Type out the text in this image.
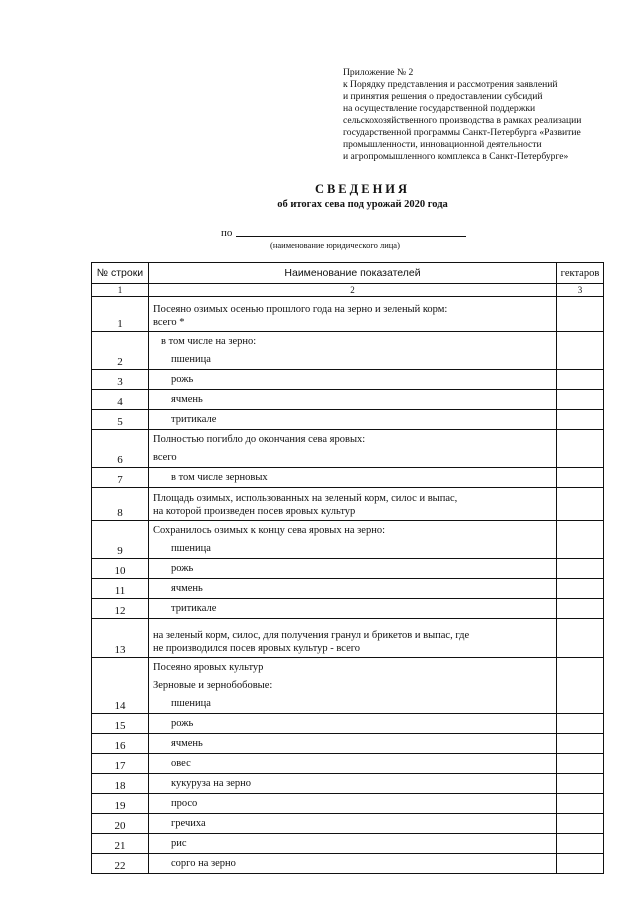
Приложение № 2
к Порядку представления и рассмотрения заявлений
и принятия решения о предоставлении субсидий
на осуществление государственной поддержки
сельскохозяйственного производства в рамках реализации
государственной программы Санкт-Петербурга «Развитие
промышленности, инновационной деятельности
и агропромышленного комплекса в Санкт-Петербурге»
СВЕДЕНИЯ
об итогах сева под урожай 2020 года
по
(наименование юридического лица)
№ строки	Наименование показателей	гектаров
1	2	3
1	Посеяно озимых осенью прошлого года на зерно и зеленый корм:
всего *	

2	в том числе на зерно:
пшеница	

3	рожь	

4	ячмень	

5	тритикале	

6	Полностью погибло до окончания сева яровых:
всего	

7	в том числе зерновых	

8	Площадь озимых, использованных на зеленый корм, силос и выпас,
на которой произведен посев яровых культур	

9	Сохранилось озимых к концу сева яровых на зерно:
пшеница	

10	рожь	

11	ячмень	

12	тритикале	

13	на зеленый корм, силос, для получения гранул и брикетов и выпас, где
не производился посев яровых культур - всего	

14	Посеяно яровых культур
Зерновые и зернобобовые:
пшеница	

15	рожь	

16	ячмень	

17	овес	

18	кукуруза на зерно	

19	просо	

20	гречиха	

21	рис	

22	сорго на зерно	
